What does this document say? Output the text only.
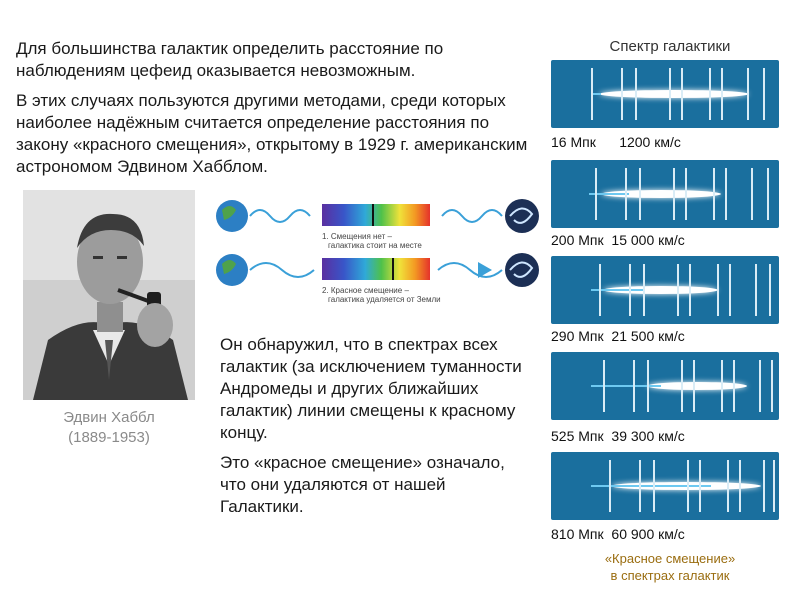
Для большинства галактик определить расстояние по наблюдениям цефеид оказывается невозможным.

В этих случаях пользуются другими методами, среди которых наиболее надёжным считается определение расстояния по закону «красного смещения», открытому в 1929 г. американским астрономом Эдвином Хабблом.

Эдвин Хаббл
(1889-1953)
1. Смещения нет –
галактика стоит на месте
2. Красное смещение –
галактика удаляется от Земли

Он обнаружил, что в спектрах всех галактик (за исключением туманности Андромеды и других ближайших галактик) линии смещены к красному концу.

Это «красное смещение» означало, что они удаляются от нашей Галактики.

Спектр галактики
16 Мпк 1200 км/с
200 Мпк 15 000 км/с
290 Мпк 21 500 км/с
525 Мпк 39 300 км/с
810 Мпк 60 900 км/с
«Красное смещение»
в спектрах галактик
